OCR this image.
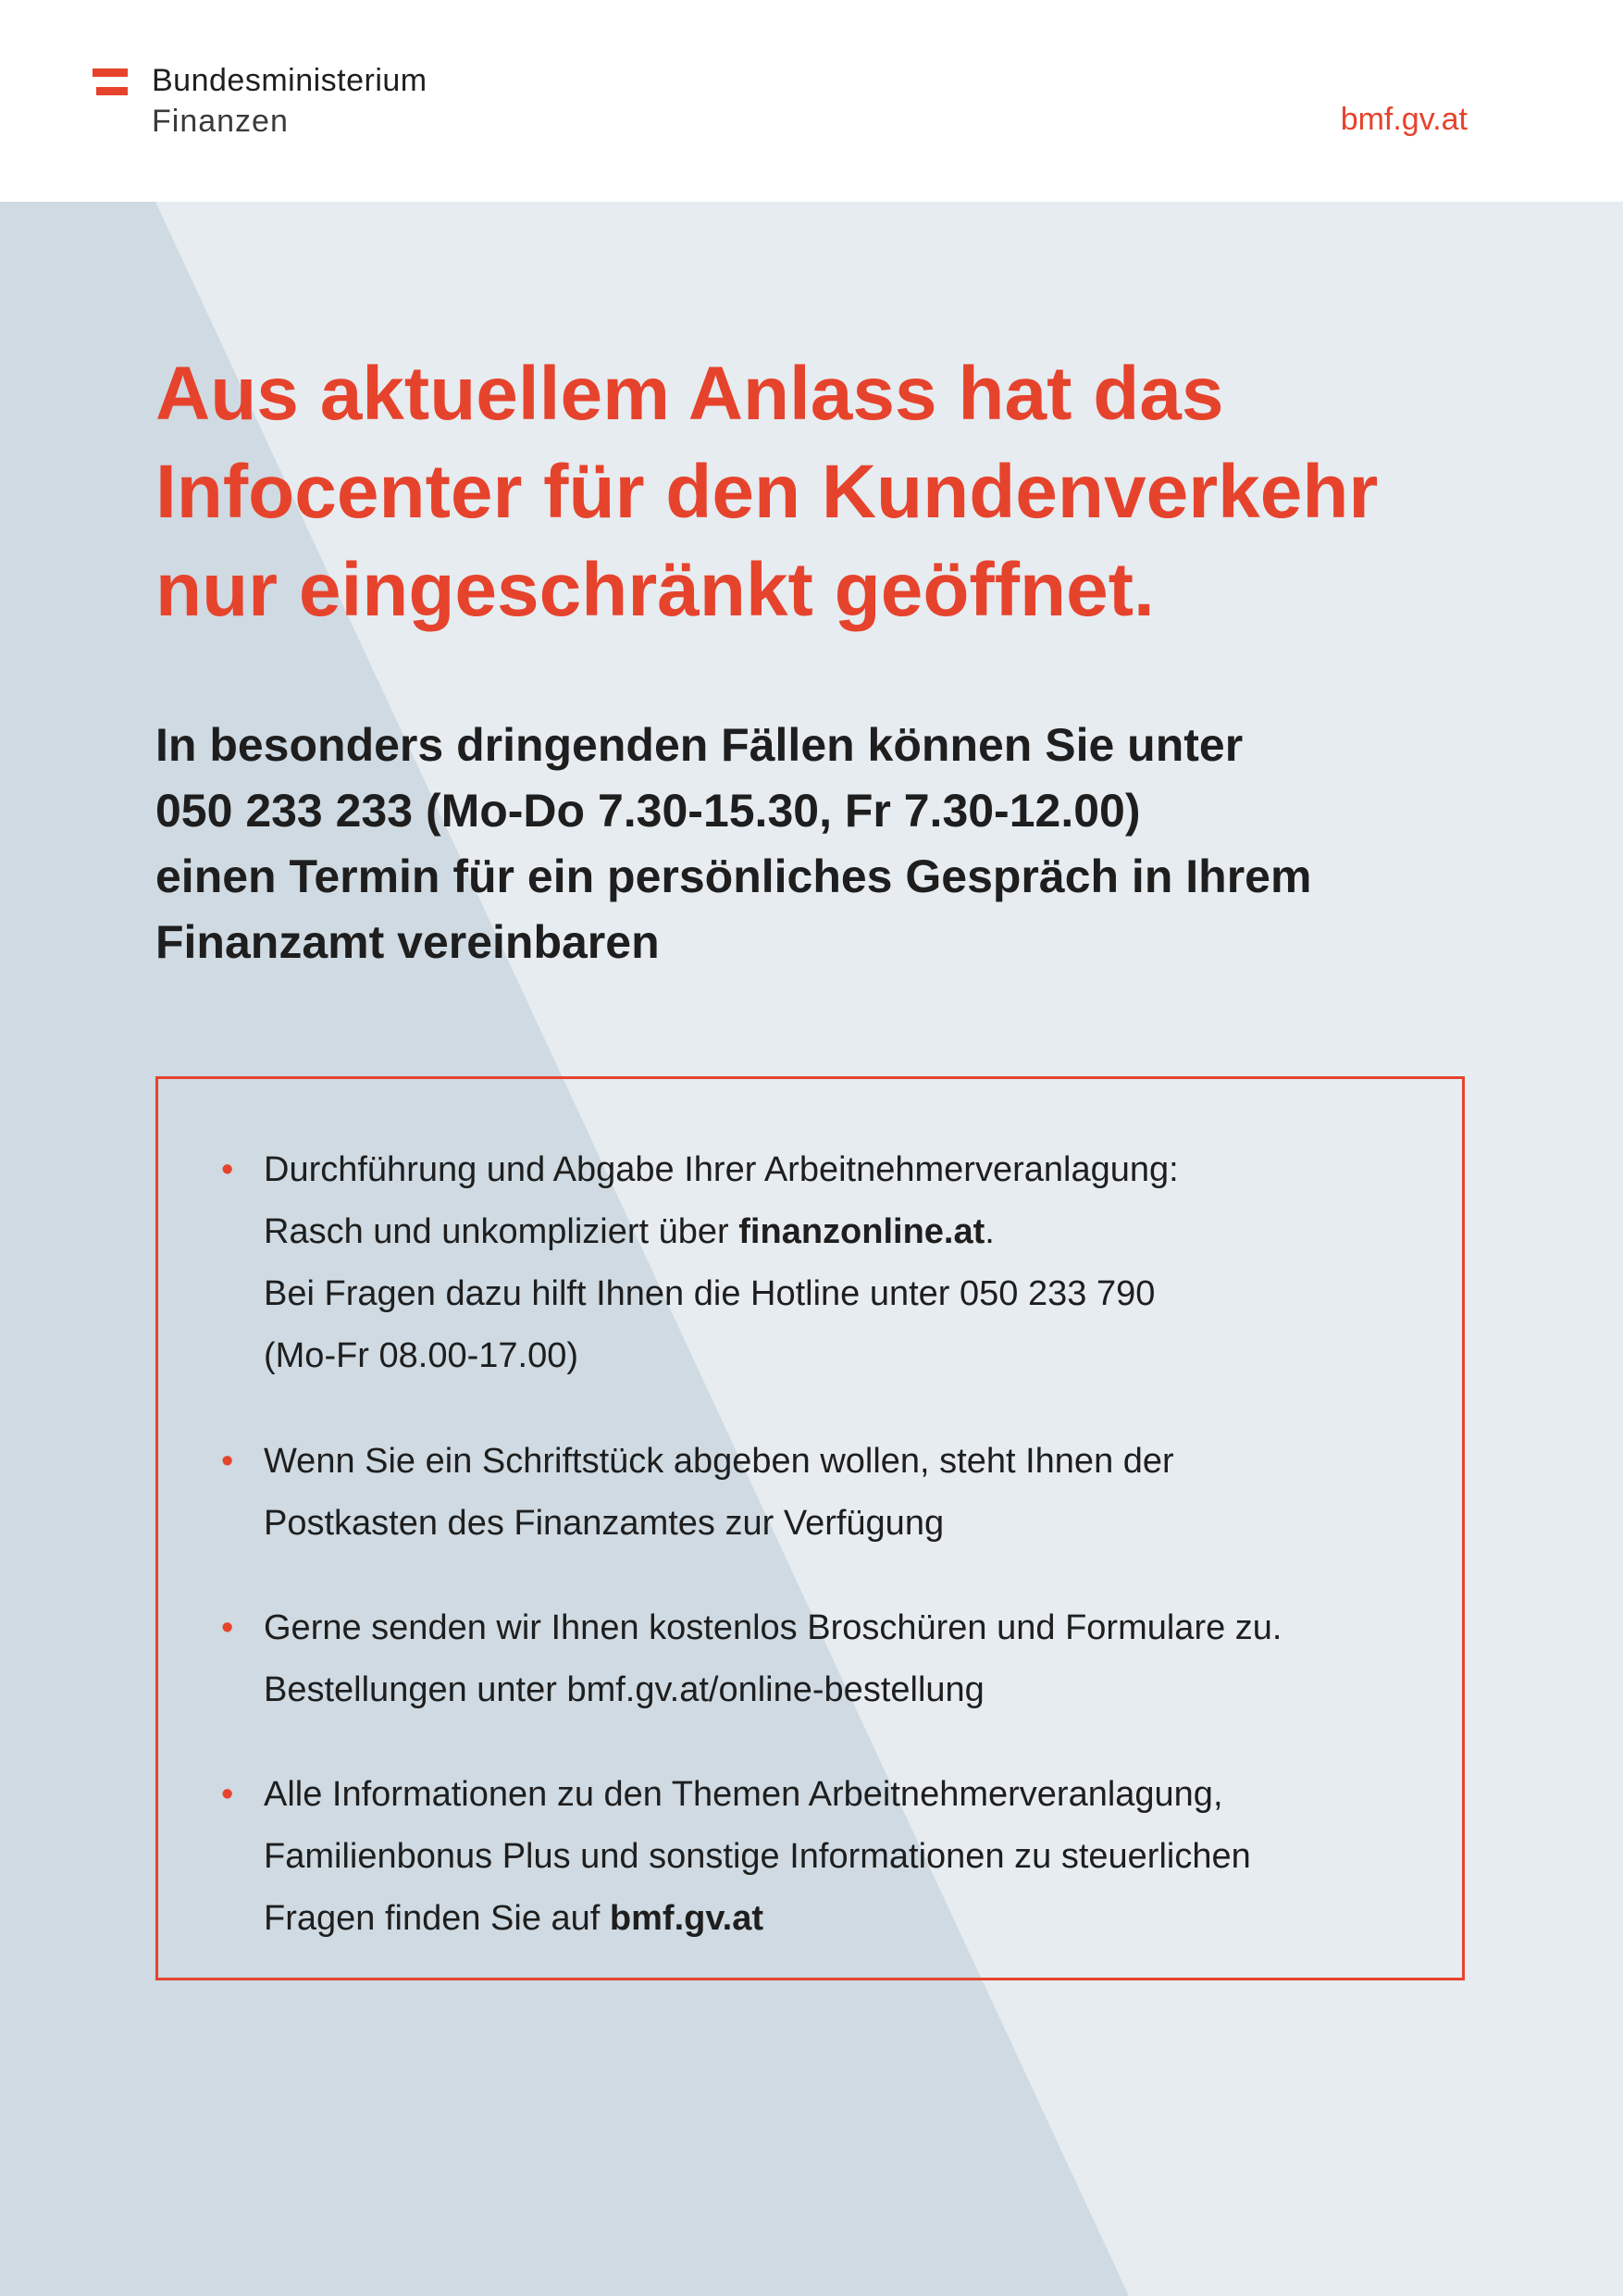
Bundesministerium
Finanzen	bmf.gv.at
Aus aktuellem Anlass hat das
Infocenter für den Kundenverkehr
nur eingeschränkt geöffnet.
In besonders dringenden Fällen können Sie unter
050 233 233 (Mo-Do 7.30-15.30, Fr 7.30-12.00)
einen Termin für ein persönliches Gespräch in Ihrem
Finanzamt vereinbaren
• Durchführung und Abgabe Ihrer Arbeitnehmerveranlagung:
Rasch und unkompliziert über finanzonline.at.
Bei Fragen dazu hilft Ihnen die Hotline unter 050 233 790
(Mo-Fr 08.00-17.00)
• Wenn Sie ein Schriftstück abgeben wollen, steht Ihnen der
Postkasten des Finanzamtes zur Verfügung
• Gerne senden wir Ihnen kostenlos Broschüren und Formulare zu.
Bestellungen unter bmf.gv.at/online-bestellung
• Alle Informationen zu den Themen Arbeitnehmerveranlagung,
Familienbonus Plus und sonstige Informationen zu steuerlichen
Fragen finden Sie auf bmf.gv.at
